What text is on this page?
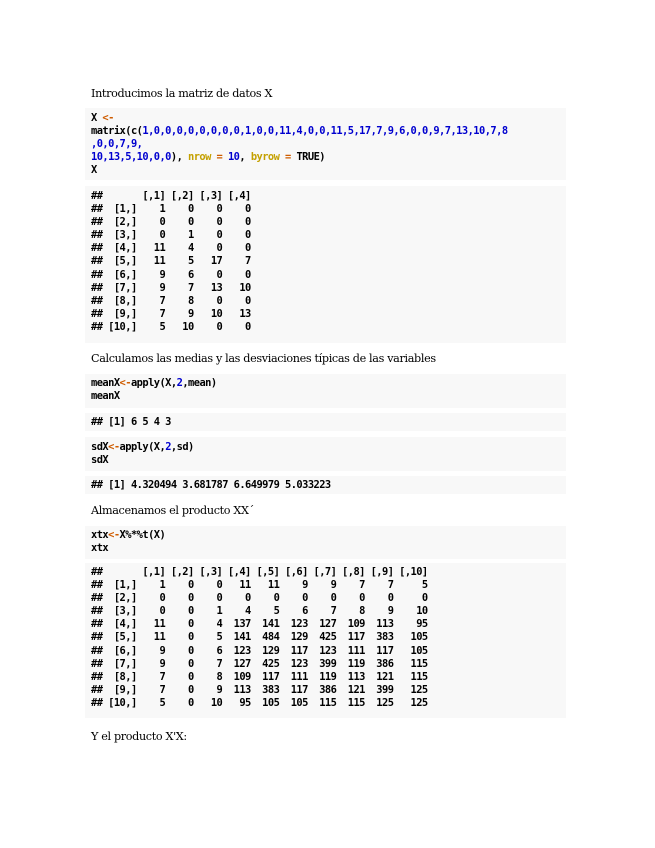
Introducimos la matriz de datos X
X <-
matrix(c(1,0,0,0,0,0,0,0,0,1,0,0,11,4,0,0,11,5,17,7,9,6,0,0,9,7,13,10,7,8
,0,0,7,9,
10,13,5,10,0,0), nrow = 10, byrow = TRUE)
X
##       [,1] [,2] [,3] [,4]
##  [1,]    1    0    0    0
##  [2,]    0    0    0    0
##  [3,]    0    1    0    0
##  [4,]   11    4    0    0
##  [5,]   11    5   17    7
##  [6,]    9    6    0    0
##  [7,]    9    7   13   10
##  [8,]    7    8    0    0
##  [9,]    7    9   10   13
## [10,]    5   10    0    0
Calculamos las medias y las desviaciones típicas de las variables
meanX<-apply(X,2,mean)
meanX
## [1] 6 5 4 3
sdX<-apply(X,2,sd)
sdX
## [1] 4.320494 3.681787 6.649979 5.033223
Almacenamos el producto XX´
xtx<-X%*%t(X)
xtx
##       [,1] [,2] [,3] [,4] [,5] [,6] [,7] [,8] [,9] [,10]
##  [1,]    1    0    0   11   11    9    9    7    7     5
##  [2,]    0    0    0    0    0    0    0    0    0     0
##  [3,]    0    0    1    4    5    6    7    8    9    10
##  [4,]   11    0    4  137  141  123  127  109  113    95
##  [5,]   11    0    5  141  484  129  425  117  383   105
##  [6,]    9    0    6  123  129  117  123  111  117   105
##  [7,]    9    0    7  127  425  123  399  119  386   115
##  [8,]    7    0    8  109  117  111  119  113  121   115
##  [9,]    7    0    9  113  383  117  386  121  399   125
## [10,]    5    0   10   95  105  105  115  115  125   125
Y el producto X'X:
